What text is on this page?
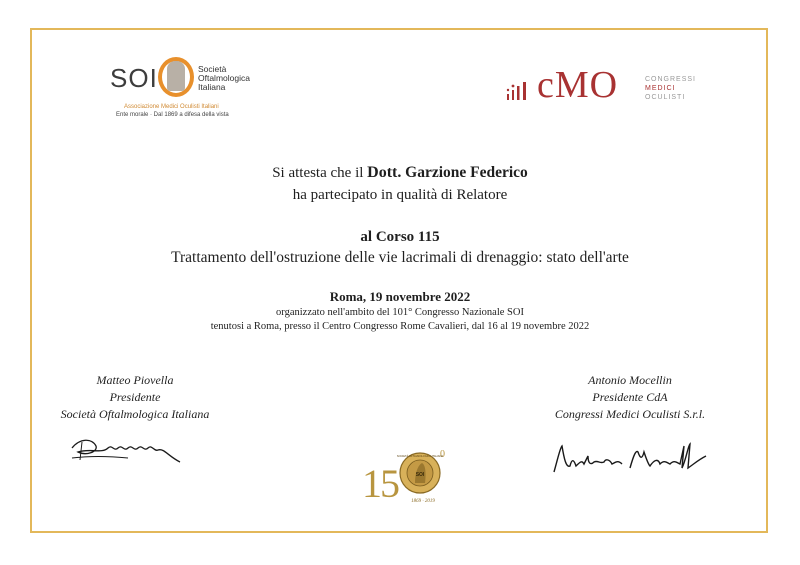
SOI	Società
Oftalmologica
Italiana
Associazione Medici Oculisti Italiani
Ente morale · Dal 1869 a difesa della vista
cMO	CONGRESSI
MEDICI
OCULISTI
Si attesta che il Dott. Garzione Federico
ha partecipato in qualità di Relatore
al Corso 115
Trattamento dell'ostruzione delle vie lacrimali di drenaggio: stato dell'arte
Roma, 19 novembre 2022
organizzato nell'ambito del 101° Congresso Nazionale SOI
tenutosi a Roma, presso il Centro Congresso Rome Cavalieri, dal 16 al 19 novembre 2022
Matteo Piovella
Presidente
Società Oftalmologica Italiana
Antonio Mocellin
Presidente CdA
Congressi Medici Oculisti S.r.l.
1
5	SOI
0
1869 · 2019
SOCIETÀ OFTALMOLOGICA ITALIANA
